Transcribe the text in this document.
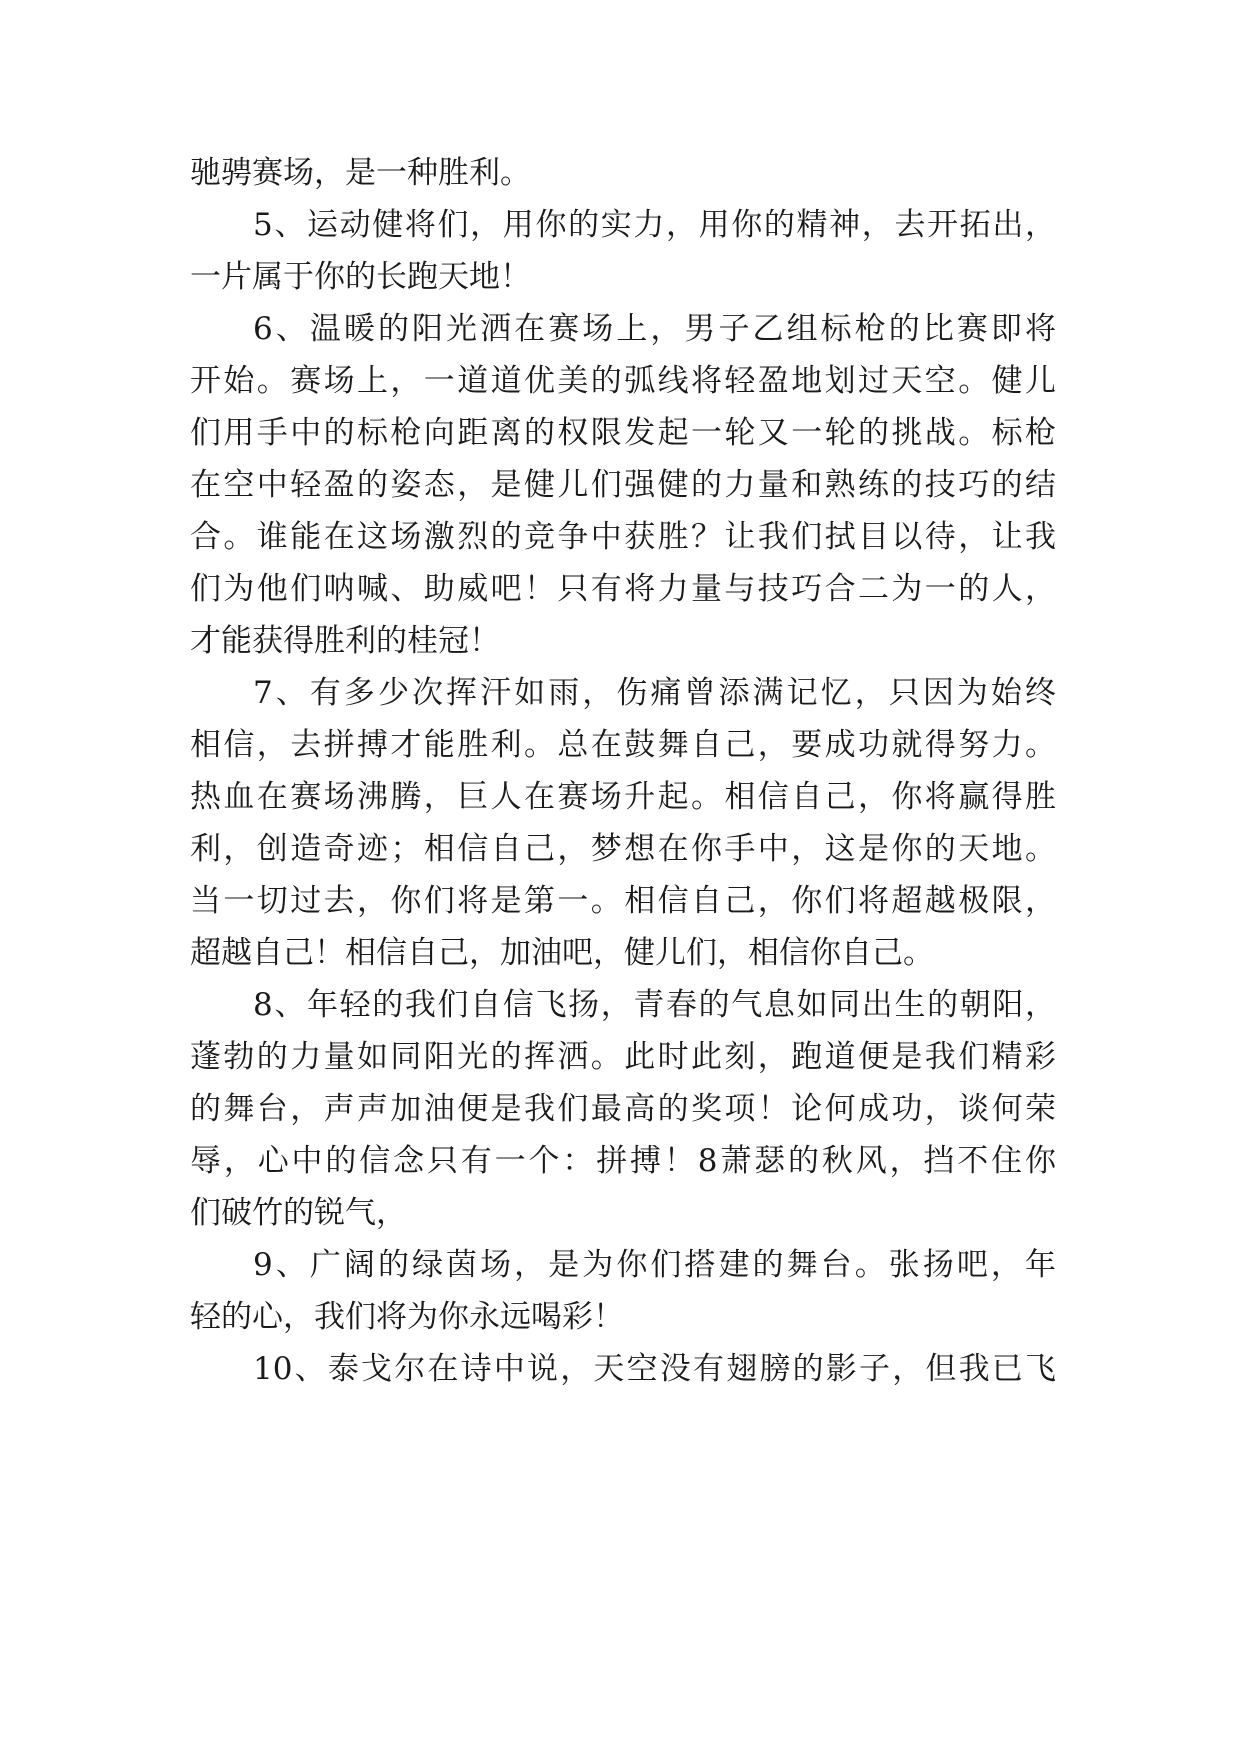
驰骋赛场，是一种胜利。
5、运动健将们，用你的实力，用你的精神，去开拓出，
一片属于你的长跑天地！
6、温暖的阳光洒在赛场上，男子乙组标枪的比赛即将
开始。赛场上，一道道优美的弧线将轻盈地划过天空。健儿
们用手中的标枪向距离的权限发起一轮又一轮的挑战。标枪
在空中轻盈的姿态，是健儿们强健的力量和熟练的技巧的结
合。谁能在这场激烈的竞争中获胜？让我们拭目以待，让我
们为他们呐喊、助威吧！只有将力量与技巧合二为一的人，
才能获得胜利的桂冠！
7、有多少次挥汗如雨，伤痛曾添满记忆，只因为始终
相信，去拼搏才能胜利。总在鼓舞自己，要成功就得努力。
热血在赛场沸腾，巨人在赛场升起。相信自己，你将赢得胜
利，创造奇迹；相信自己，梦想在你手中，这是你的天地。
当一切过去，你们将是第一。相信自己，你们将超越极限，
超越自己！相信自己，加油吧，健儿们，相信你自己。
8、年轻的我们自信飞扬，青春的气息如同出生的朝阳，
蓬勃的力量如同阳光的挥洒。此时此刻，跑道便是我们精彩
的舞台，声声加油便是我们最高的奖项！论何成功，谈何荣
辱，心中的信念只有一个：拼搏！8萧瑟的秋风，挡不住你
们破竹的锐气，
9、广阔的绿茵场，是为你们搭建的舞台。张扬吧，年
轻的心，我们将为你永远喝彩！
10、泰戈尔在诗中说，天空没有翅膀的影子，但我已飞
